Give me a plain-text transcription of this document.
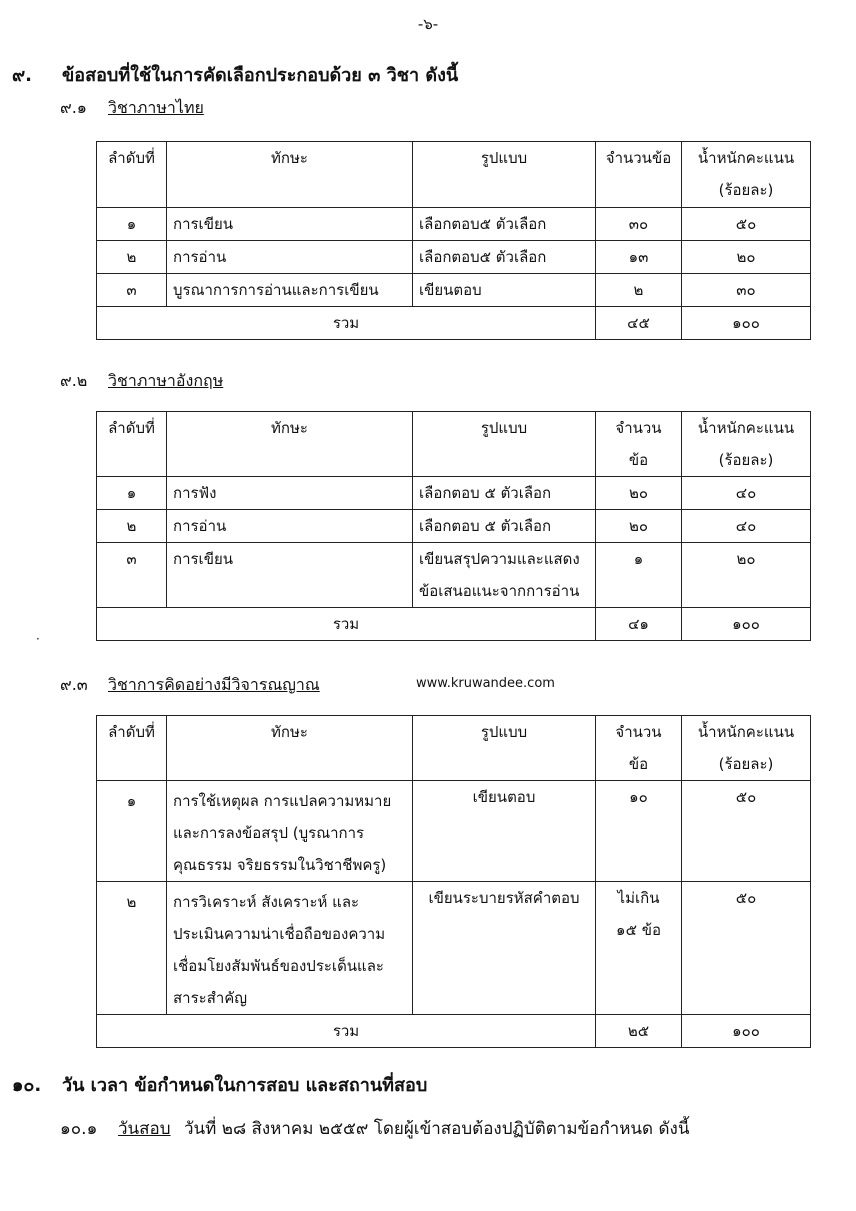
-๖-
๙. ข้อสอบที่ใช้ในการคัดเลือกประกอบด้วย ๓ วิชา ดังนี้
๙.๑ วิชาภาษาไทย
ลำดับที่	ทักษะ	รูปแบบ	จำนวนข้อ	น้ำหนักคะแนน
(ร้อยละ)
๑	การเขียน	เลือกตอบ๕ ตัวเลือก	๓๐	๕๐
๒	การอ่าน	เลือกตอบ๕ ตัวเลือก	๑๓	๒๐
๓	บูรณาการการอ่านและการเขียน	เขียนตอบ	๒	๓๐
รวม			๔๕	๑๐๐
๙.๒ วิชาภาษาอังกฤษ
ลำดับที่	ทักษะ	รูปแบบ	จำนวน
ข้อ	น้ำหนักคะแนน
(ร้อยละ)
๑	การฟัง	เลือกตอบ ๕ ตัวเลือก	๒๐	๔๐
๒	การอ่าน	เลือกตอบ ๕ ตัวเลือก	๒๐	๔๐
๓	การเขียน	เขียนสรุปความและแสดง
ข้อเสนอแนะจากการอ่าน	๑	๒๐
รวม			๔๑	๑๐๐
·
๙.๓ วิชาการคิดอย่างมีวิจารณญาณ	www.kruwandee.com
ลำดับที่	ทักษะ	รูปแบบ	จำนวน
ข้อ	น้ำหนักคะแนน
(ร้อยละ)
๑	การใช้เหตุผล การแปลความหมาย
และการลงข้อสรุป (บูรณาการ
คุณธรรม จริยธรรมในวิชาชีพครู)	เขียนตอบ	๑๐	๕๐
๒	การวิเคราะห์ สังเคราะห์ และ
ประเมินความน่าเชื่อถือของความ
เชื่อมโยงสัมพันธ์ของประเด็นและ
สาระสำคัญ	เขียนระบายรหัสคำตอบ	ไม่เกิน
๑๕ ข้อ	๕๐
รวม			๒๕	๑๐๐
๑๐. วัน เวลา ข้อกำหนดในการสอบ และสถานที่สอบ
๑๐.๑ วันสอบ วันที่ ๒๘ สิงหาคม ๒๕๕๙ โดยผู้เข้าสอบต้องปฏิบัติตามข้อกำหนด ดังนี้
